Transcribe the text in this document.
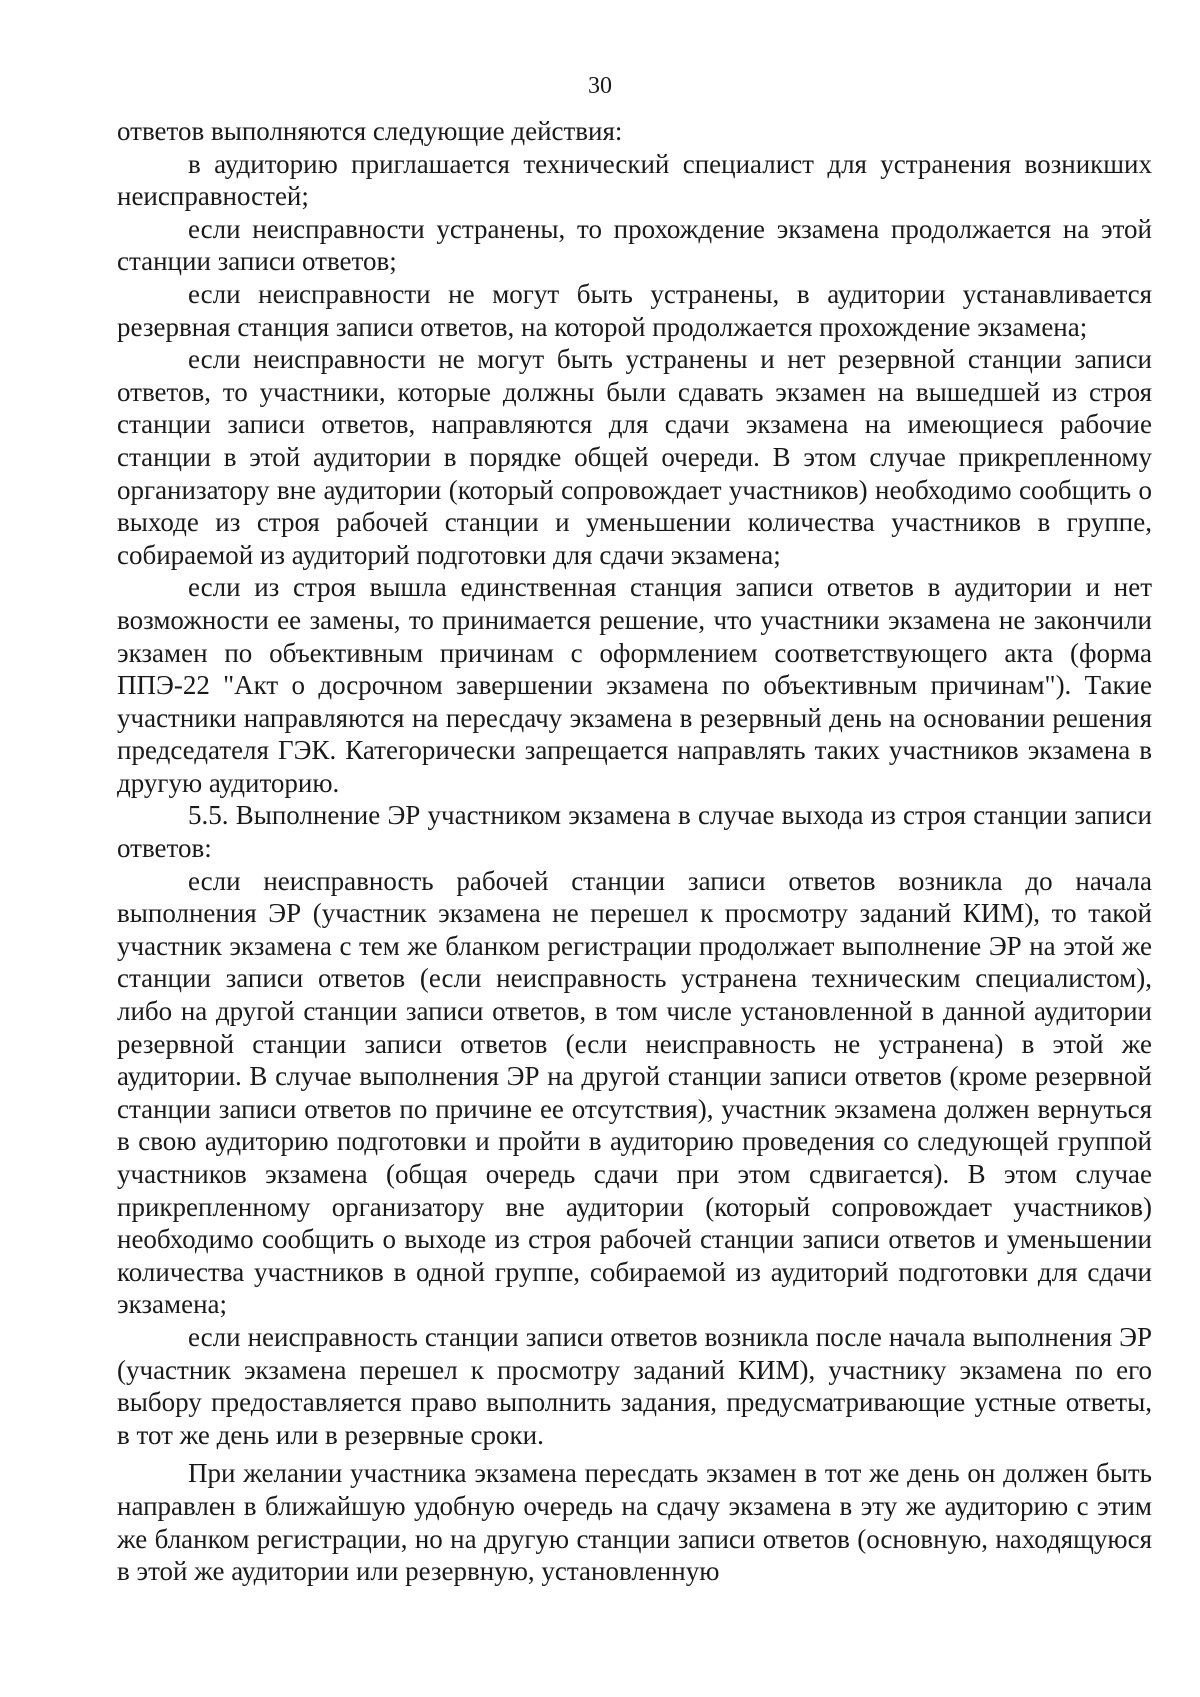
30

ответов выполняются следующие действия:

в аудиторию приглашается технический специалист для устранения возникших неисправностей;

если неисправности устранены, то прохождение экзамена продолжается на этой станции записи ответов;

если неисправности не могут быть устранены, в аудитории устанавливается резервная станция записи ответов, на которой продолжается прохождение экзамена;

если неисправности не могут быть устранены и нет резервной станции записи ответов, то участники, которые должны были сдавать экзамен на вышедшей из строя станции записи ответов, направляются для сдачи экзамена на имеющиеся рабочие станции в этой аудитории в порядке общей очереди. В этом случае прикрепленному организатору вне аудитории (который сопровождает участников) необходимо сообщить о выходе из строя рабочей станции и уменьшении количества участников в группе, собираемой из аудиторий подготовки для сдачи экзамена;

если из строя вышла единственная станция записи ответов в аудитории и нет возможности ее замены, то принимается решение, что участники экзамена не закончили экзамен по объективным причинам с оформлением соответствующего акта (форма ППЭ-22 "Акт о досрочном завершении экзамена по объективным причинам"). Такие участники направляются на пересдачу экзамена в резервный день на основании решения председателя ГЭК. Категорически запрещается направлять таких участников экзамена в другую аудиторию.

5.5. Выполнение ЭР участником экзамена в случае выхода из строя станции записи ответов:

если неисправность рабочей станции записи ответов возникла до начала выполнения ЭР (участник экзамена не перешел к просмотру заданий КИМ), то такой участник экзамена с тем же бланком регистрации продолжает выполнение ЭР на этой же станции записи ответов (если неисправность устранена техническим специалистом), либо на другой станции записи ответов, в том числе установленной в данной аудитории резервной станции записи ответов (если неисправность не устранена) в этой же аудитории. В случае выполнения ЭР на другой станции записи ответов (кроме резервной станции записи ответов по причине ее отсутствия), участник экзамена должен вернуться в свою аудиторию подготовки и пройти в аудиторию проведения со следующей группой участников экзамена (общая очередь сдачи при этом сдвигается). В этом случае прикрепленному организатору вне аудитории (который сопровождает участников) необходимо сообщить о выходе из строя рабочей станции записи ответов и уменьшении количества участников в одной группе, собираемой из аудиторий подготовки для сдачи экзамена;

если неисправность станции записи ответов возникла после начала выполнения ЭР (участник экзамена перешел к просмотру заданий КИМ), участнику экзамена по его выбору предоставляется право выполнить задания, предусматривающие устные ответы, в тот же день или в резервные сроки.

При желании участника экзамена пересдать экзамен в тот же день он должен быть направлен в ближайшую удобную очередь на сдачу экзамена в эту же аудиторию с этим же бланком регистрации, но на другую станции записи ответов (основную, находящуюся в этой же аудитории или резервную, установленную
